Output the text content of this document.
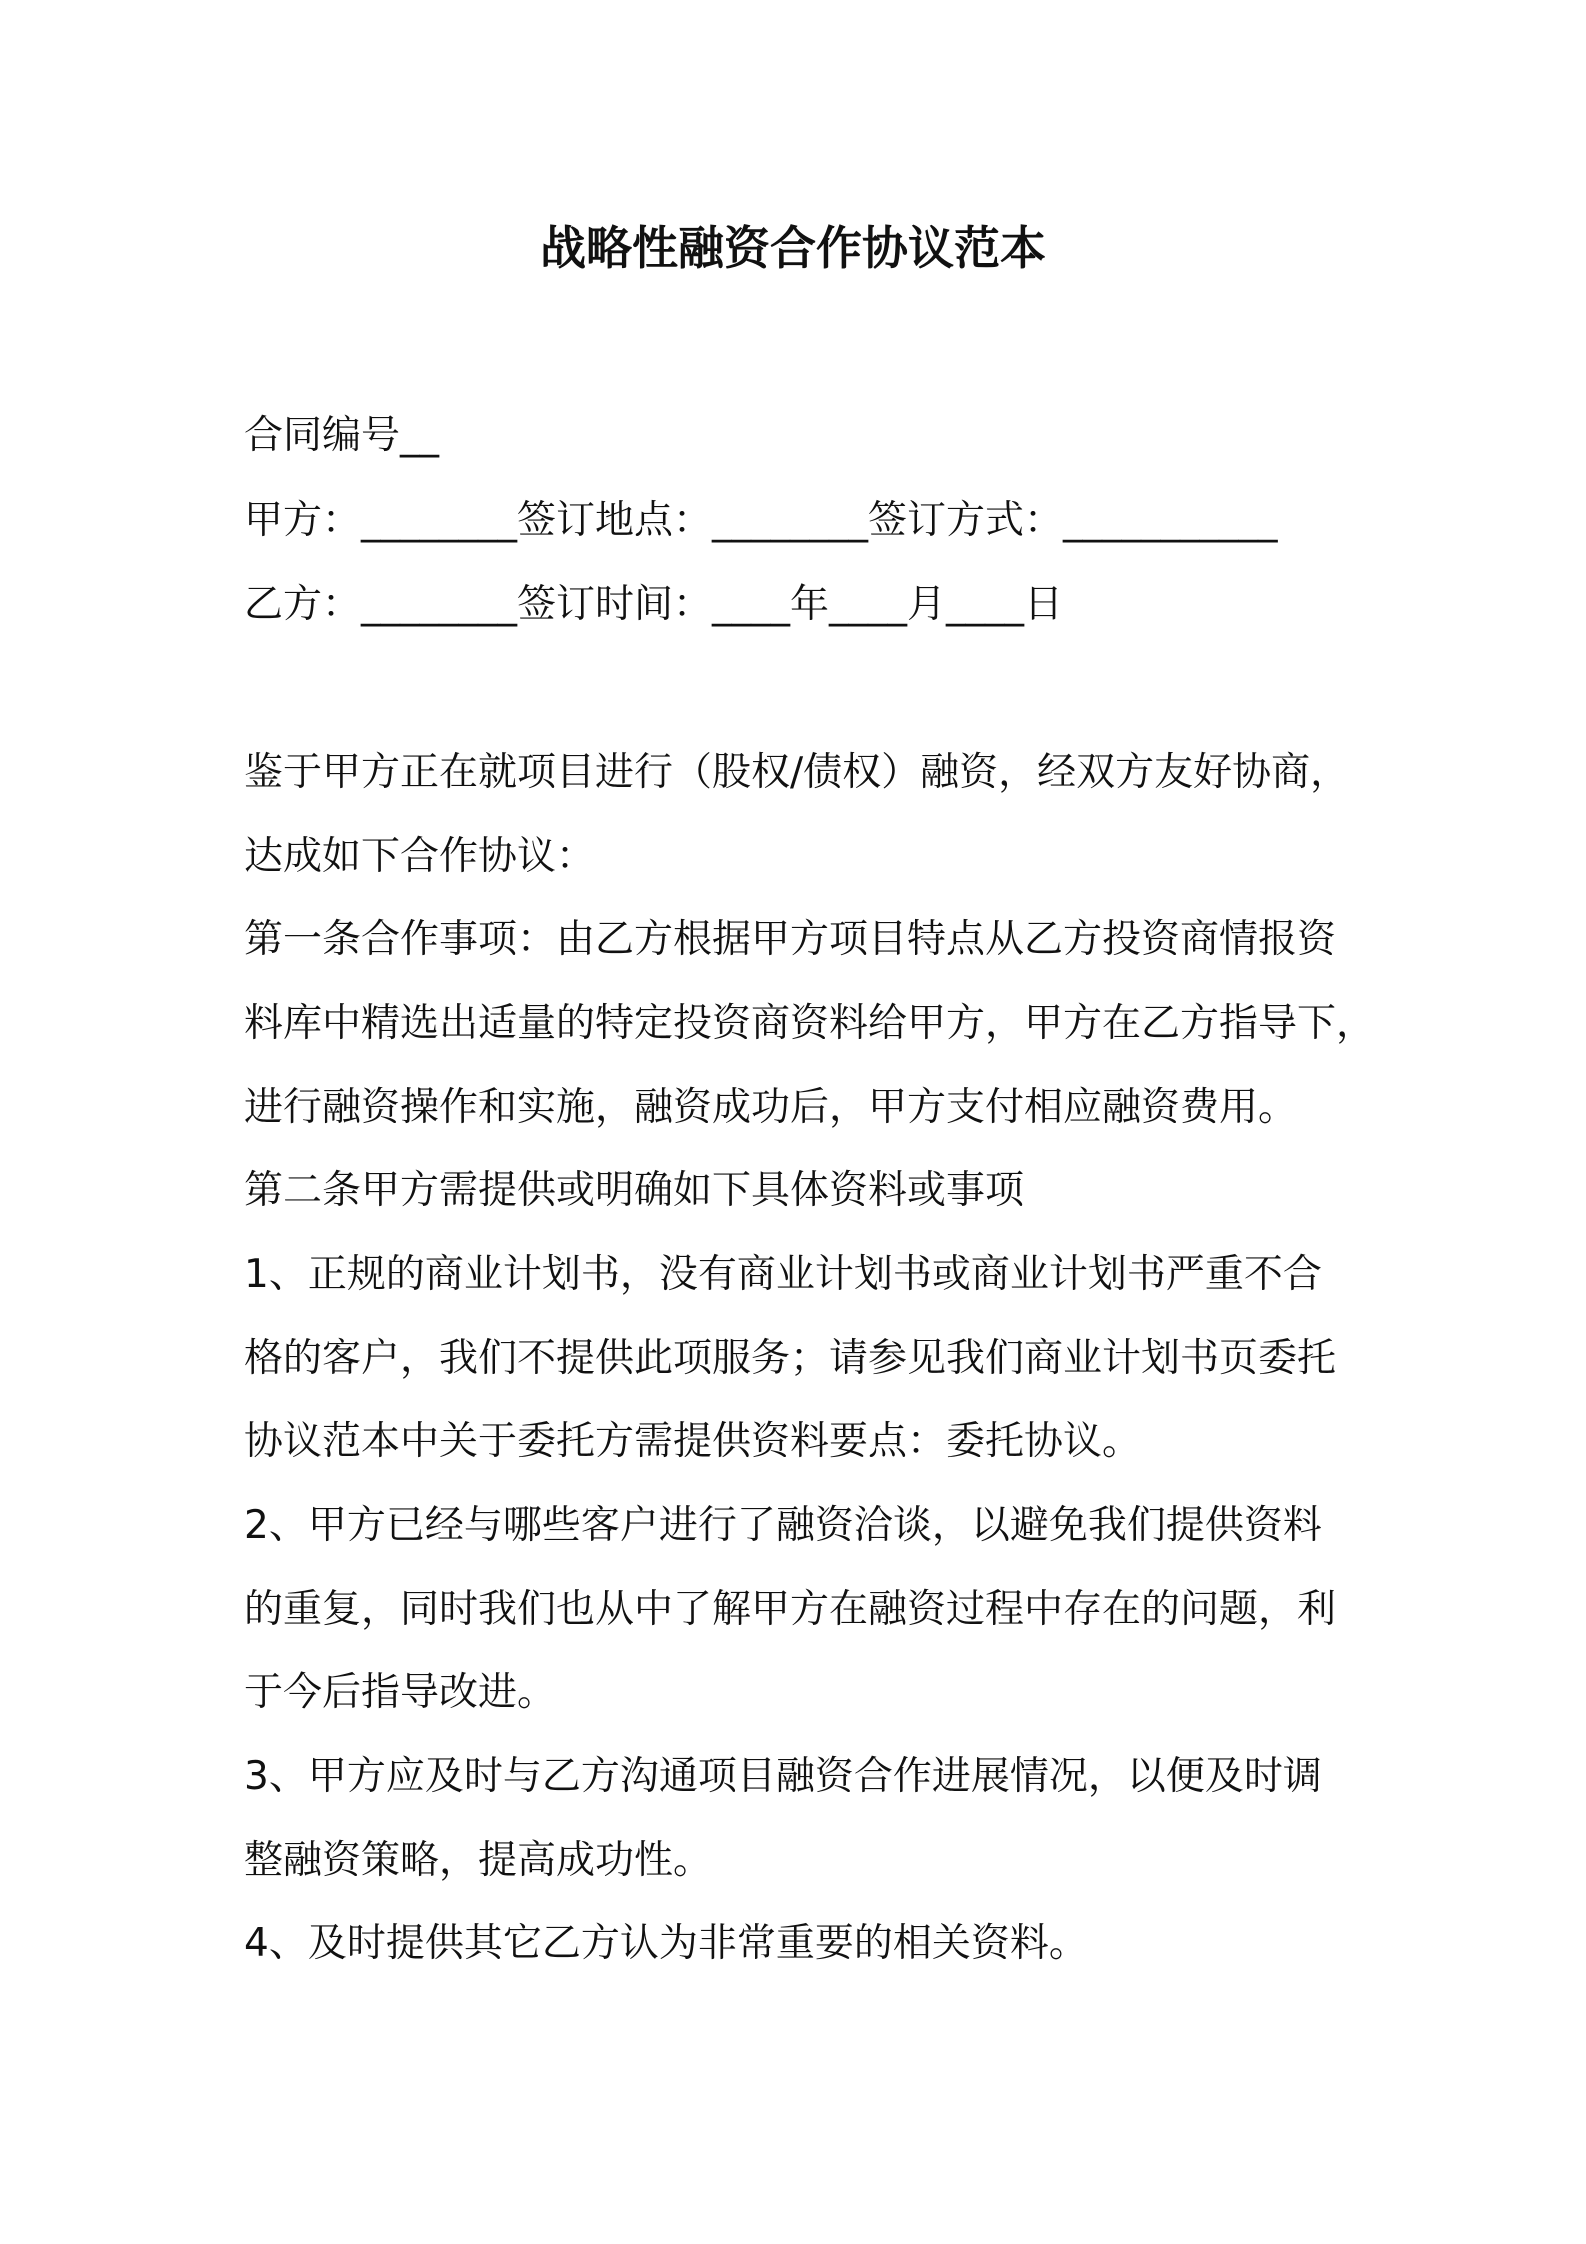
战略性融资合作协议范本
合同编号__
甲方：________签订地点：________签订方式：___________
乙方：________签订时间：____年____月____日
鉴于甲方正在就项目进行（股权/债权）融资，经双方友好协商，
达成如下合作协议：
第一条合作事项：由乙方根据甲方项目特点从乙方投资商情报资
料库中精选出适量的特定投资商资料给甲方，甲方在乙方指导下，
进行融资操作和实施，融资成功后，甲方支付相应融资费用。
第二条甲方需提供或明确如下具体资料或事项
1、正规的商业计划书，没有商业计划书或商业计划书严重不合
格的客户，我们不提供此项服务；请参见我们商业计划书页委托
协议范本中关于委托方需提供资料要点：委托协议。
2、甲方已经与哪些客户进行了融资洽谈，以避免我们提供资料
的重复，同时我们也从中了解甲方在融资过程中存在的问题，利
于今后指导改进。
3、甲方应及时与乙方沟通项目融资合作进展情况，以便及时调
整融资策略，提高成功性。
4、及时提供其它乙方认为非常重要的相关资料。
